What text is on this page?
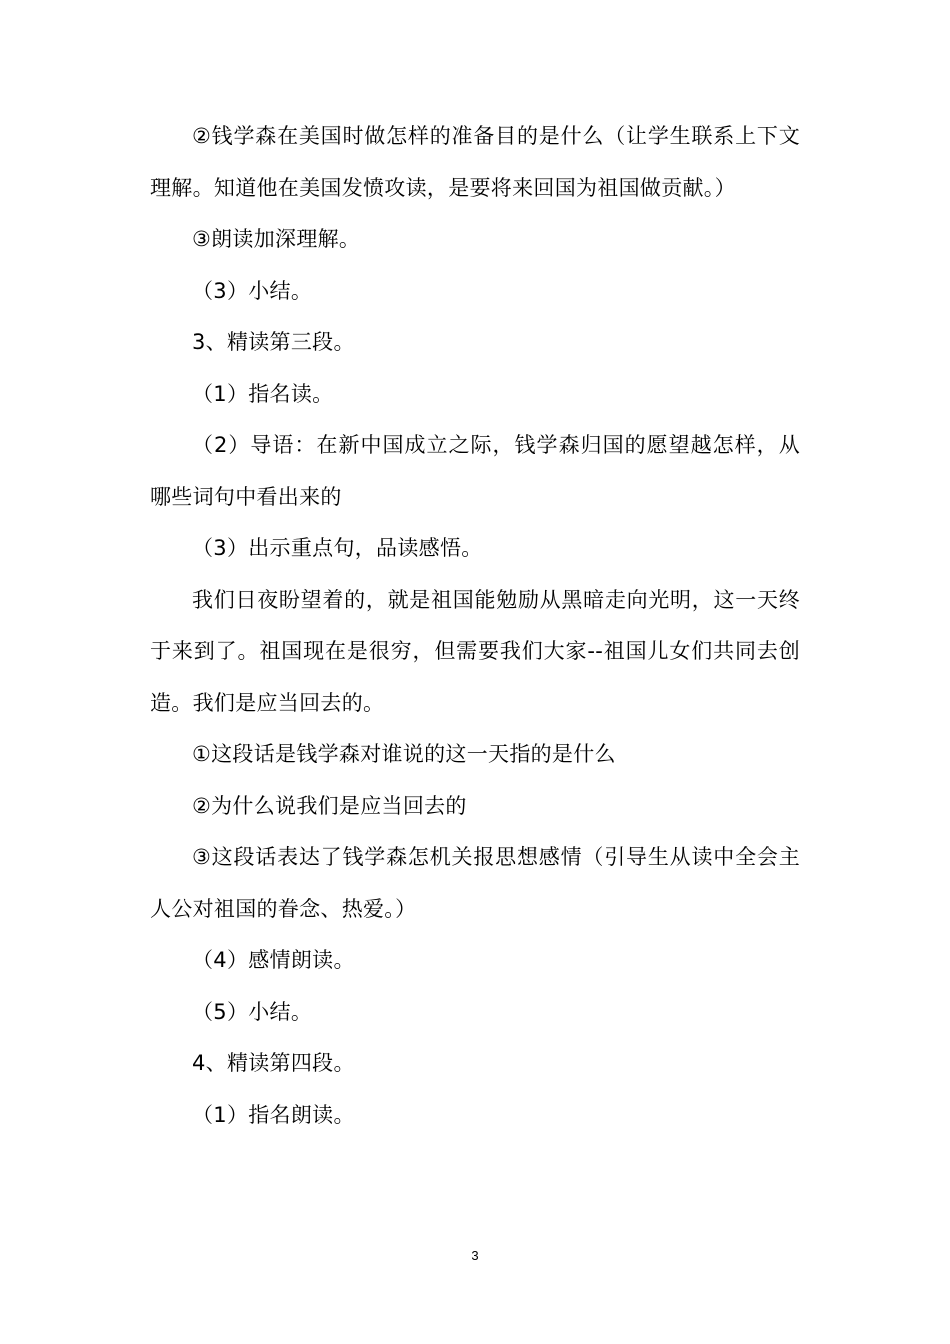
②钱学森在美国时做怎样的准备目的是什么（让学生联系上下文理解。知道他在美国发愤攻读，是要将来回国为祖国做贡献。）

③朗读加深理解。

（3）小结。

3、精读第三段。

（1）指名读。

（2）导语：在新中国成立之际，钱学森归国的愿望越怎样，从哪些词句中看出来的

（3）出示重点句，品读感悟。

我们日夜盼望着的，就是祖国能勉励从黑暗走向光明，这一天终于来到了。祖国现在是很穷，但需要我们大家--祖国儿女们共同去创造。我们是应当回去的。

①这段话是钱学森对谁说的这一天指的是什么

②为什么说我们是应当回去的

③这段话表达了钱学森怎机关报思想感情（引导生从读中全会主人公对祖国的眷念、热爱。）

（4）感情朗读。

（5）小结。

4、精读第四段。

（1）指名朗读。

3
